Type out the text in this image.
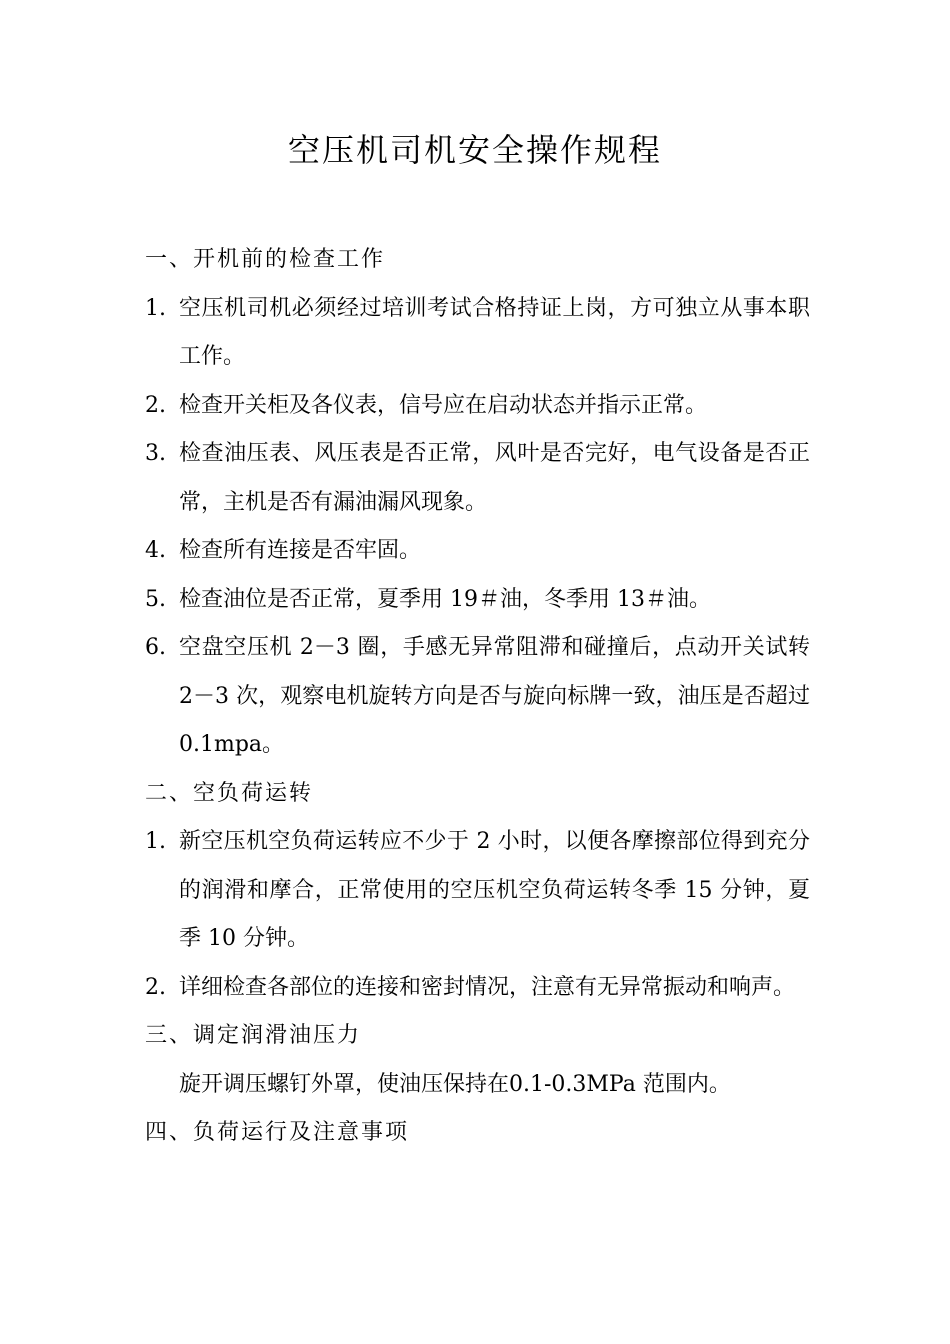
空压机司机安全操作规程
一、开机前的检查工作
1. 空压机司机必须经过培训考试合格持证上岗，方可独立从事本职工作。
2. 检查开关柜及各仪表，信号应在启动状态并指示正常。
3. 检查油压表、风压表是否正常，风叶是否完好，电气设备是否正常，主机是否有漏油漏风现象。
4. 检查所有连接是否牢固。
5. 检查油位是否正常，夏季用 19＃油，冬季用 13＃油。
6. 空盘空压机 2－3 圈，手感无异常阻滞和碰撞后，点动开关试转 2－3 次，观察电机旋转方向是否与旋向标牌一致，油压是否超过 0.1mpa。
二、空负荷运转
1. 新空压机空负荷运转应不少于 2 小时，以便各摩擦部位得到充分的润滑和摩合，正常使用的空压机空负荷运转冬季 15 分钟，夏季 10 分钟。
2. 详细检查各部位的连接和密封情况，注意有无异常振动和响声。
三、调定润滑油压力
旋开调压螺钉外罩，使油压保持在0.1-0.3MPa 范围内。
四、负荷运行及注意事项
